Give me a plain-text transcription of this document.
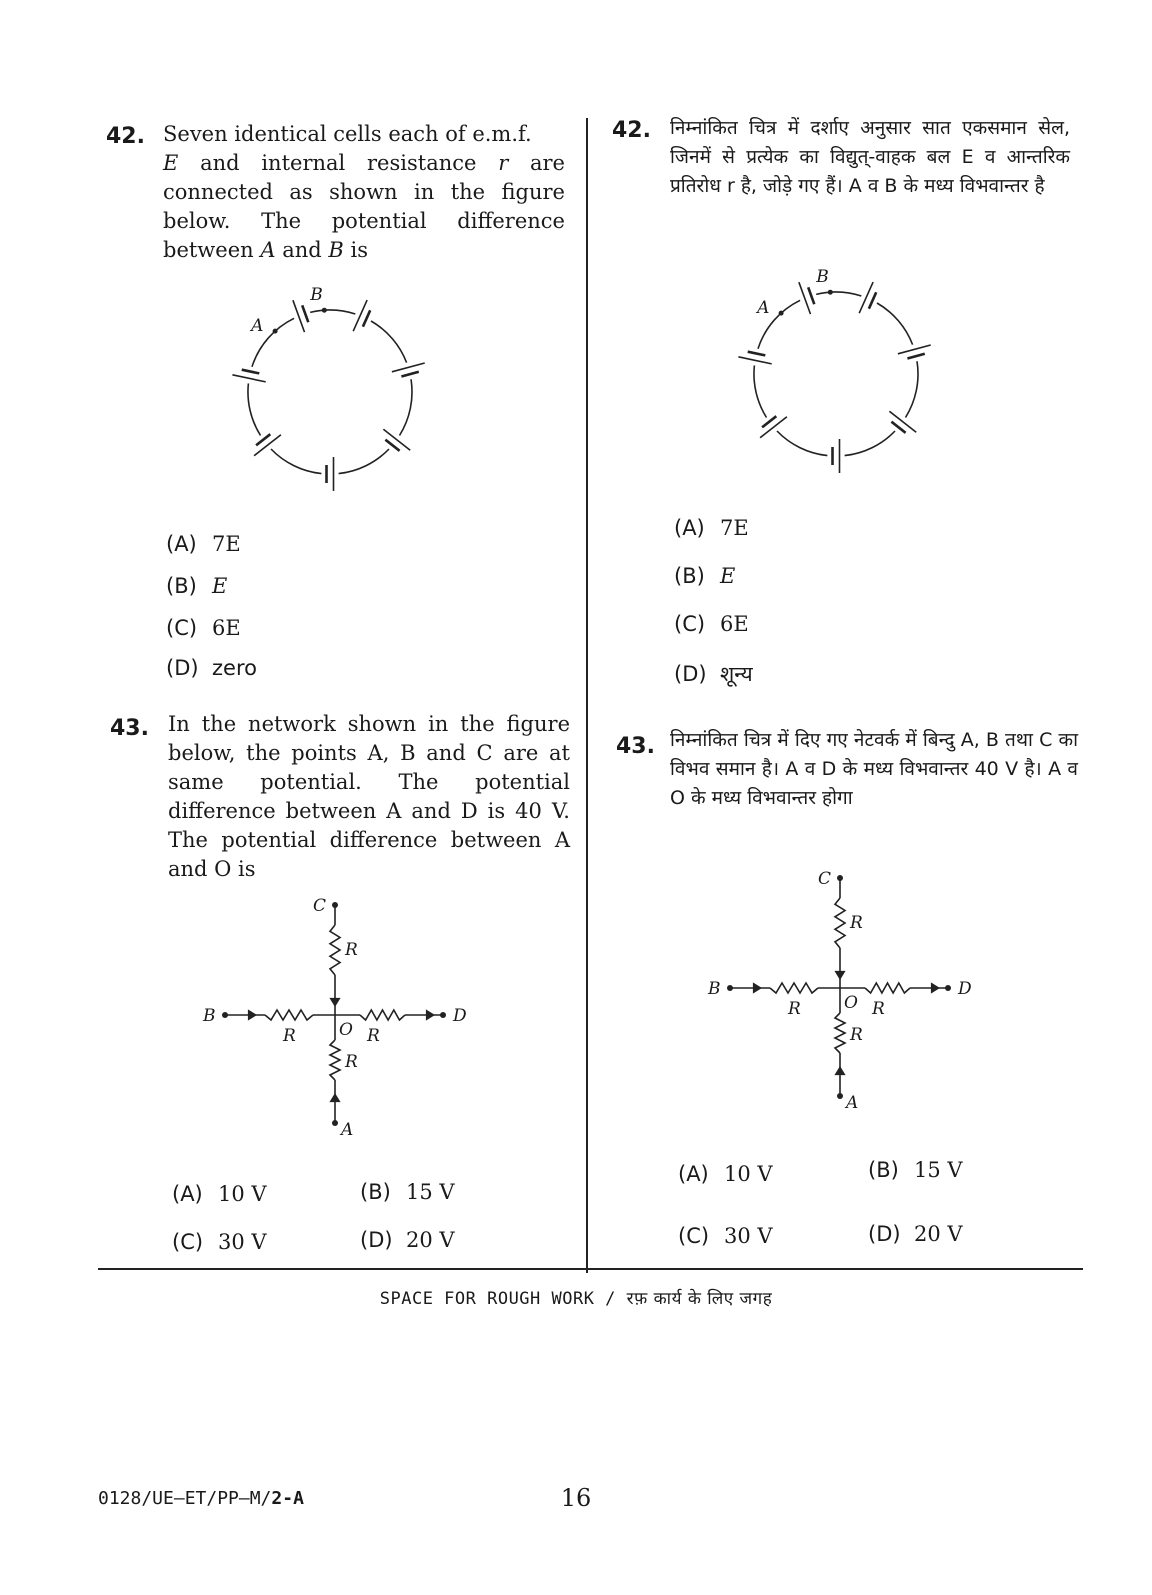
42. Seven identical cells each of e.m.f.
E and internal resistance r are
connected as shown in the figure
below. The potential difference
between A and B is
A
B
(A) 7E
(B) E
(C) 6E
(D) zero
43. In the network shown in the figure below, the points A, B and C are at same potential. The potential difference between A and D is 40 V. The potential difference between A and O is
C
A
B	D
O
R
R
R	R
(A) 10 V	(B) 15 V
(C) 30 V	(D) 20 V
42. निम्नांकित चित्र में दर्शाए अनुसार सात एकसमान सेल, जिनमें से प्रत्येक का विद्युत्-वाहक बल E व आन्तरिक प्रतिरोध r है, जोड़े गए हैं। A व B के मध्य विभवान्तर है
A
B
(A) 7E
(B) E
(C) 6E
(D) शून्य
43. निम्नांकित चित्र में दिए गए नेटवर्क में बिन्दु A, B तथा C का विभव समान है। A व D के मध्य विभवान्तर 40 V है। A व O के मध्य विभवान्तर होगा
C
A
B	D
O
R
R
R	R
(A) 10 V	(B) 15 V
(C) 30 V	(D) 20 V
SPACE FOR ROUGH WORK / रफ़ कार्य के लिए जगह
0128/UE–ET/PP–M/2-A	16
